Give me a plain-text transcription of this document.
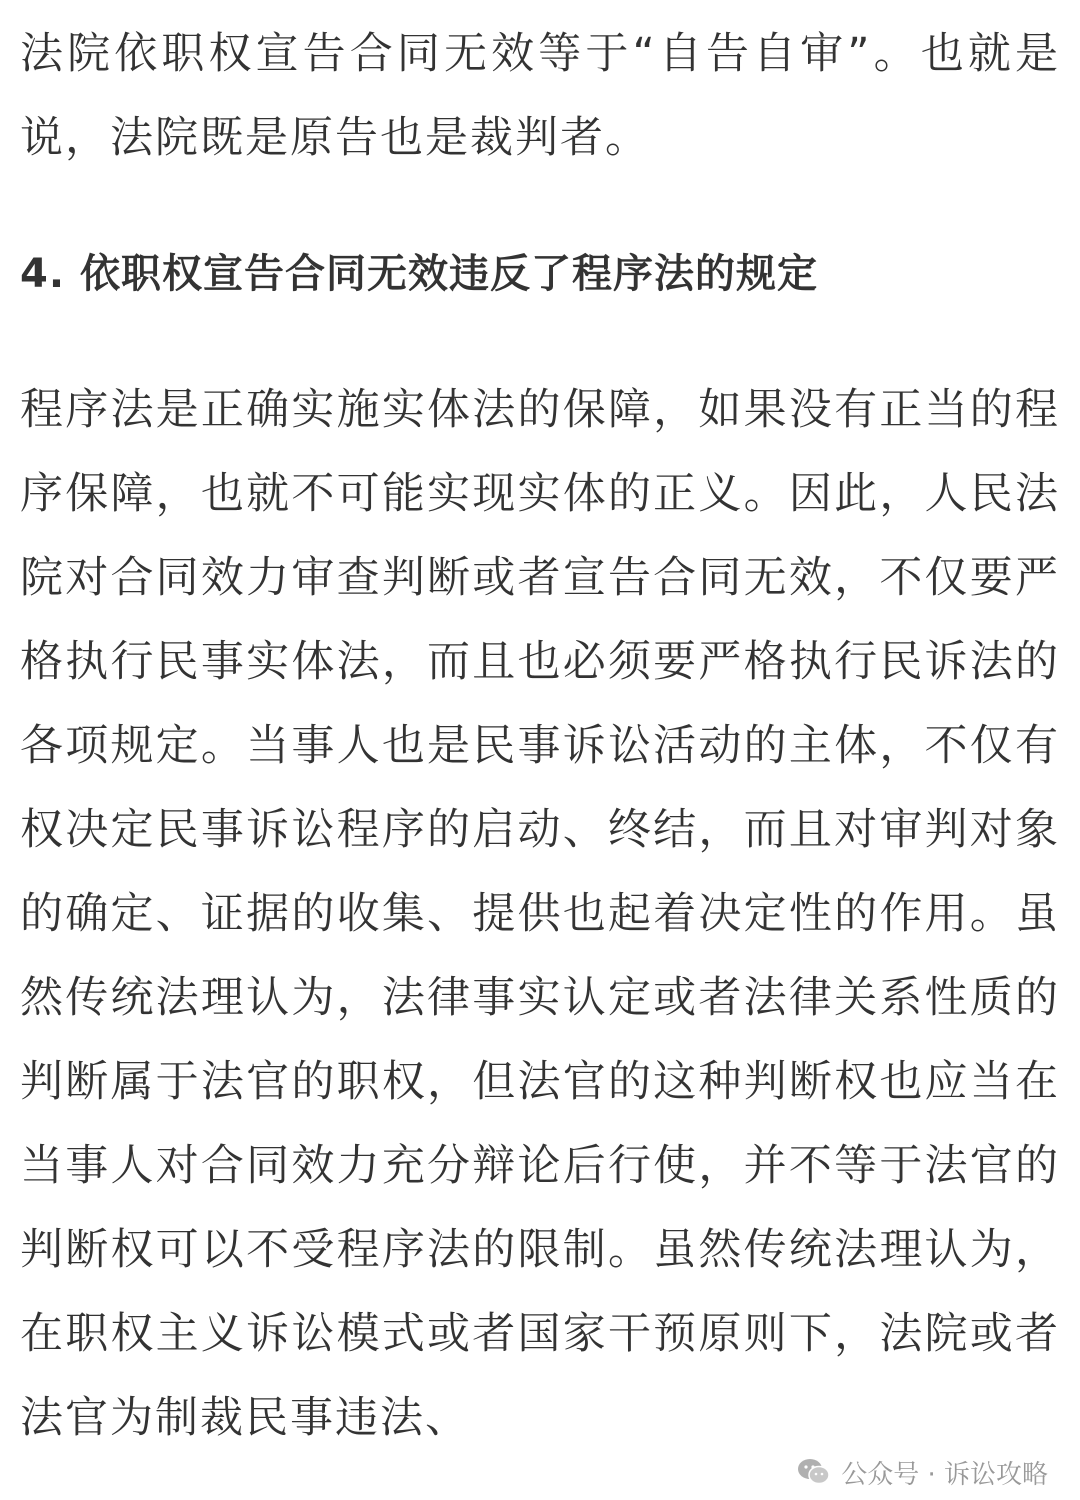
法院依职权宣告合同无效等于“自告自审”。也就是说，法院既是原告也是裁判者。

4. 依职权宣告合同无效违反了程序法的规定

程序法是正确实施实体法的保障，如果没有正当的程序保障，也就不可能实现实体的正义。因此，人民法院对合同效力审查判断或者宣告合同无效，不仅要严格执行民事实体法，而且也必须要严格执行民诉法的各项规定。当事人也是民事诉讼活动的主体，不仅有权决定民事诉讼程序的启动、终结，而且对审判对象的确定、证据的收集、提供也起着决定性的作用。虽然传统法理认为，法律事实认定或者法律关系性质的判断属于法官的职权，但法官的这种判断权也应当在当事人对合同效力充分辩论后行使，并不等于法官的判断权可以不受程序法的限制。虽然传统法理认为，在职权主义诉讼模式或者国家干预原则下，法院或者法官为制裁民事违法、

公众号 · 诉讼攻略
